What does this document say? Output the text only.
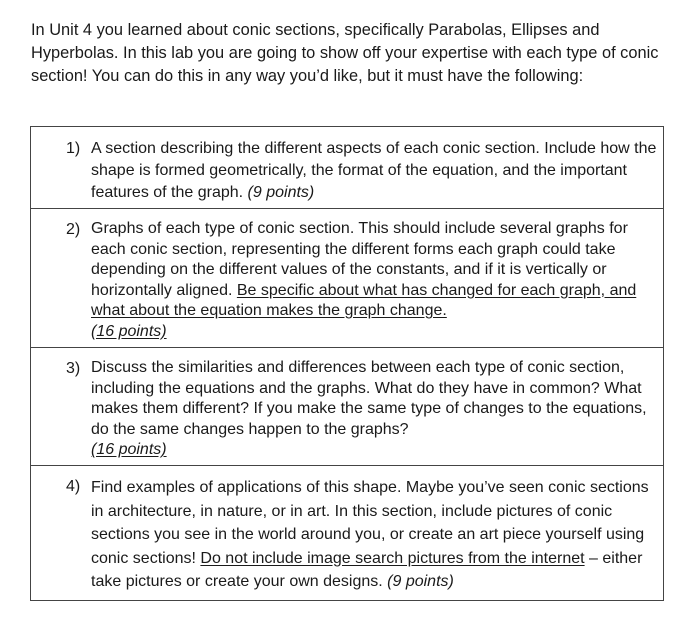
In Unit 4 you learned about conic sections, specifically Parabolas, Ellipses and Hyperbolas. In this lab you are going to show off your expertise with each type of conic section! You can do this in any way you’d like, but it must have the following:

1) A section describing the different aspects of each conic section. Include how the shape is formed geometrically, the format of the equation, and the important features of the graph. (9 points)
2) Graphs of each type of conic section. This should include several graphs for each conic section, representing the different forms each graph could take depending on the different values of the constants, and if it is vertically or horizontally aligned. Be specific about what has changed for each graph, and what about the equation makes the graph change.
(16 points)
3) Discuss the similarities and differences between each type of conic section, including the equations and the graphs. What do they have in common? What makes them different? If you make the same type of changes to the equations, do the same changes happen to the graphs?
(16 points)
4) Find examples of applications of this shape. Maybe you’ve seen conic sections in architecture, in nature, or in art. In this section, include pictures of conic sections you see in the world around you, or create an art piece yourself using conic sections! Do not include image search pictures from the internet – either take pictures or create your own designs. (9 points)
